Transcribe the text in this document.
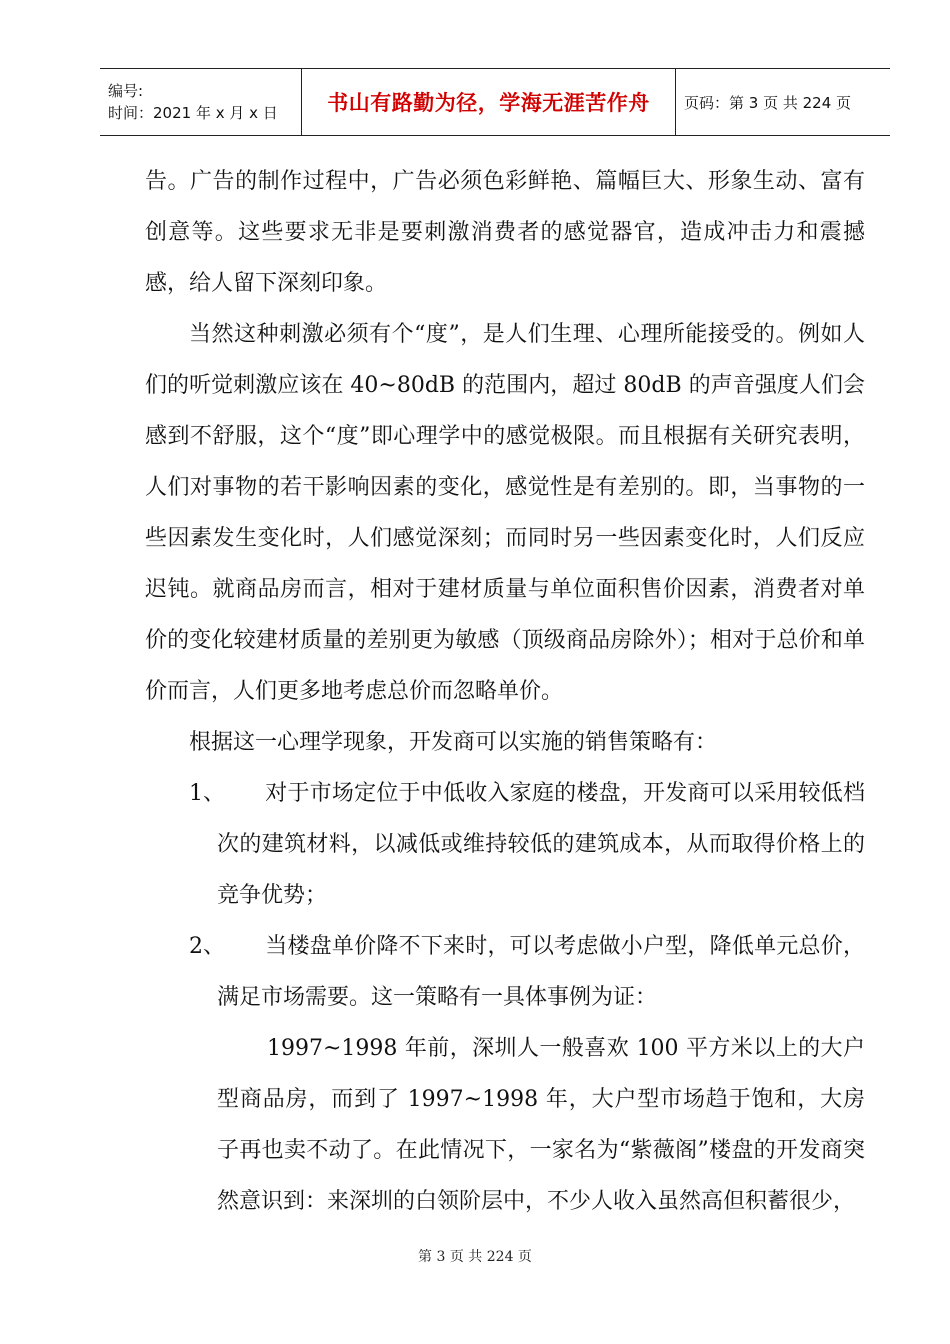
编号:
时间：2021 年 x 月 x 日	书山有路勤为径，学海无涯苦作舟	页码：第 3 页 共 224 页

告。广告的制作过程中，广告必须色彩鲜艳、篇幅巨大、形象生动、富有创意等。这些要求无非是要刺激消费者的感觉器官，造成冲击力和震撼感，给人留下深刻印象。

当然这种刺激必须有个“度”，是人们生理、心理所能接受的。例如人们的听觉刺激应该在 40~80dB 的范围内，超过 80dB 的声音强度人们会感到不舒服，这个“度”即心理学中的感觉极限。而且根据有关研究表明，人们对事物的若干影响因素的变化，感觉性是有差别的。即，当事物的一些因素发生变化时，人们感觉深刻；而同时另一些因素变化时，人们反应迟钝。就商品房而言，相对于建材质量与单位面积售价因素，消费者对单价的变化较建材质量的差别更为敏感（顶级商品房除外）；相对于总价和单价而言，人们更多地考虑总价而忽略单价。

根据这一心理学现象，开发商可以实施的销售策略有：

1、	对于市场定位于中低收入家庭的楼盘，开发商可以采用较低档次的建筑材料，以减低或维持较低的建筑成本，从而取得价格上的竞争优势；
2、	当楼盘单价降不下来时，可以考虑做小户型，降低单元总价，满足市场需要。这一策略有一具体事例为证：

1997~1998 年前，深圳人一般喜欢 100 平方米以上的大户型商品房，而到了 1997~1998 年，大户型市场趋于饱和，大房子再也卖不动了。在此情况下，一家名为“紫薇阁”楼盘的开发商突然意识到：来深圳的白领阶层中，不少人收入虽然高但积蓄很少，

第 3 页 共 224 页
